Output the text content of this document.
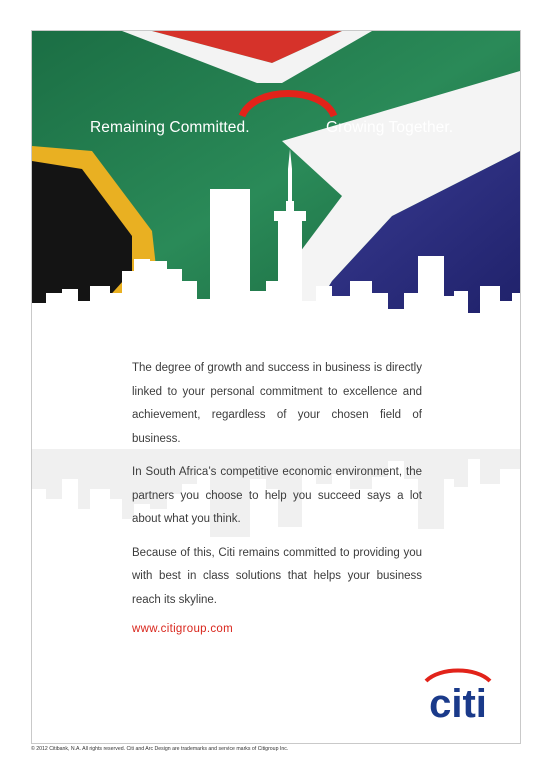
Remaining Committed.	Growing Together.

The degree of growth and success in business is directly linked to your personal commitment to excellence and achievement, regardless of your chosen field of business.

In South Africa’s competitive economic environment, the partners you choose to help you succeed says a lot about what you think.

Because of this, Citi remains committed to providing you with best in class solutions that helps your business reach its skyline.

www.citigroup.com
citi
© 2012 Citibank, N.A. All rights reserved. Citi and Arc Design are trademarks and service marks of Citigroup Inc.
